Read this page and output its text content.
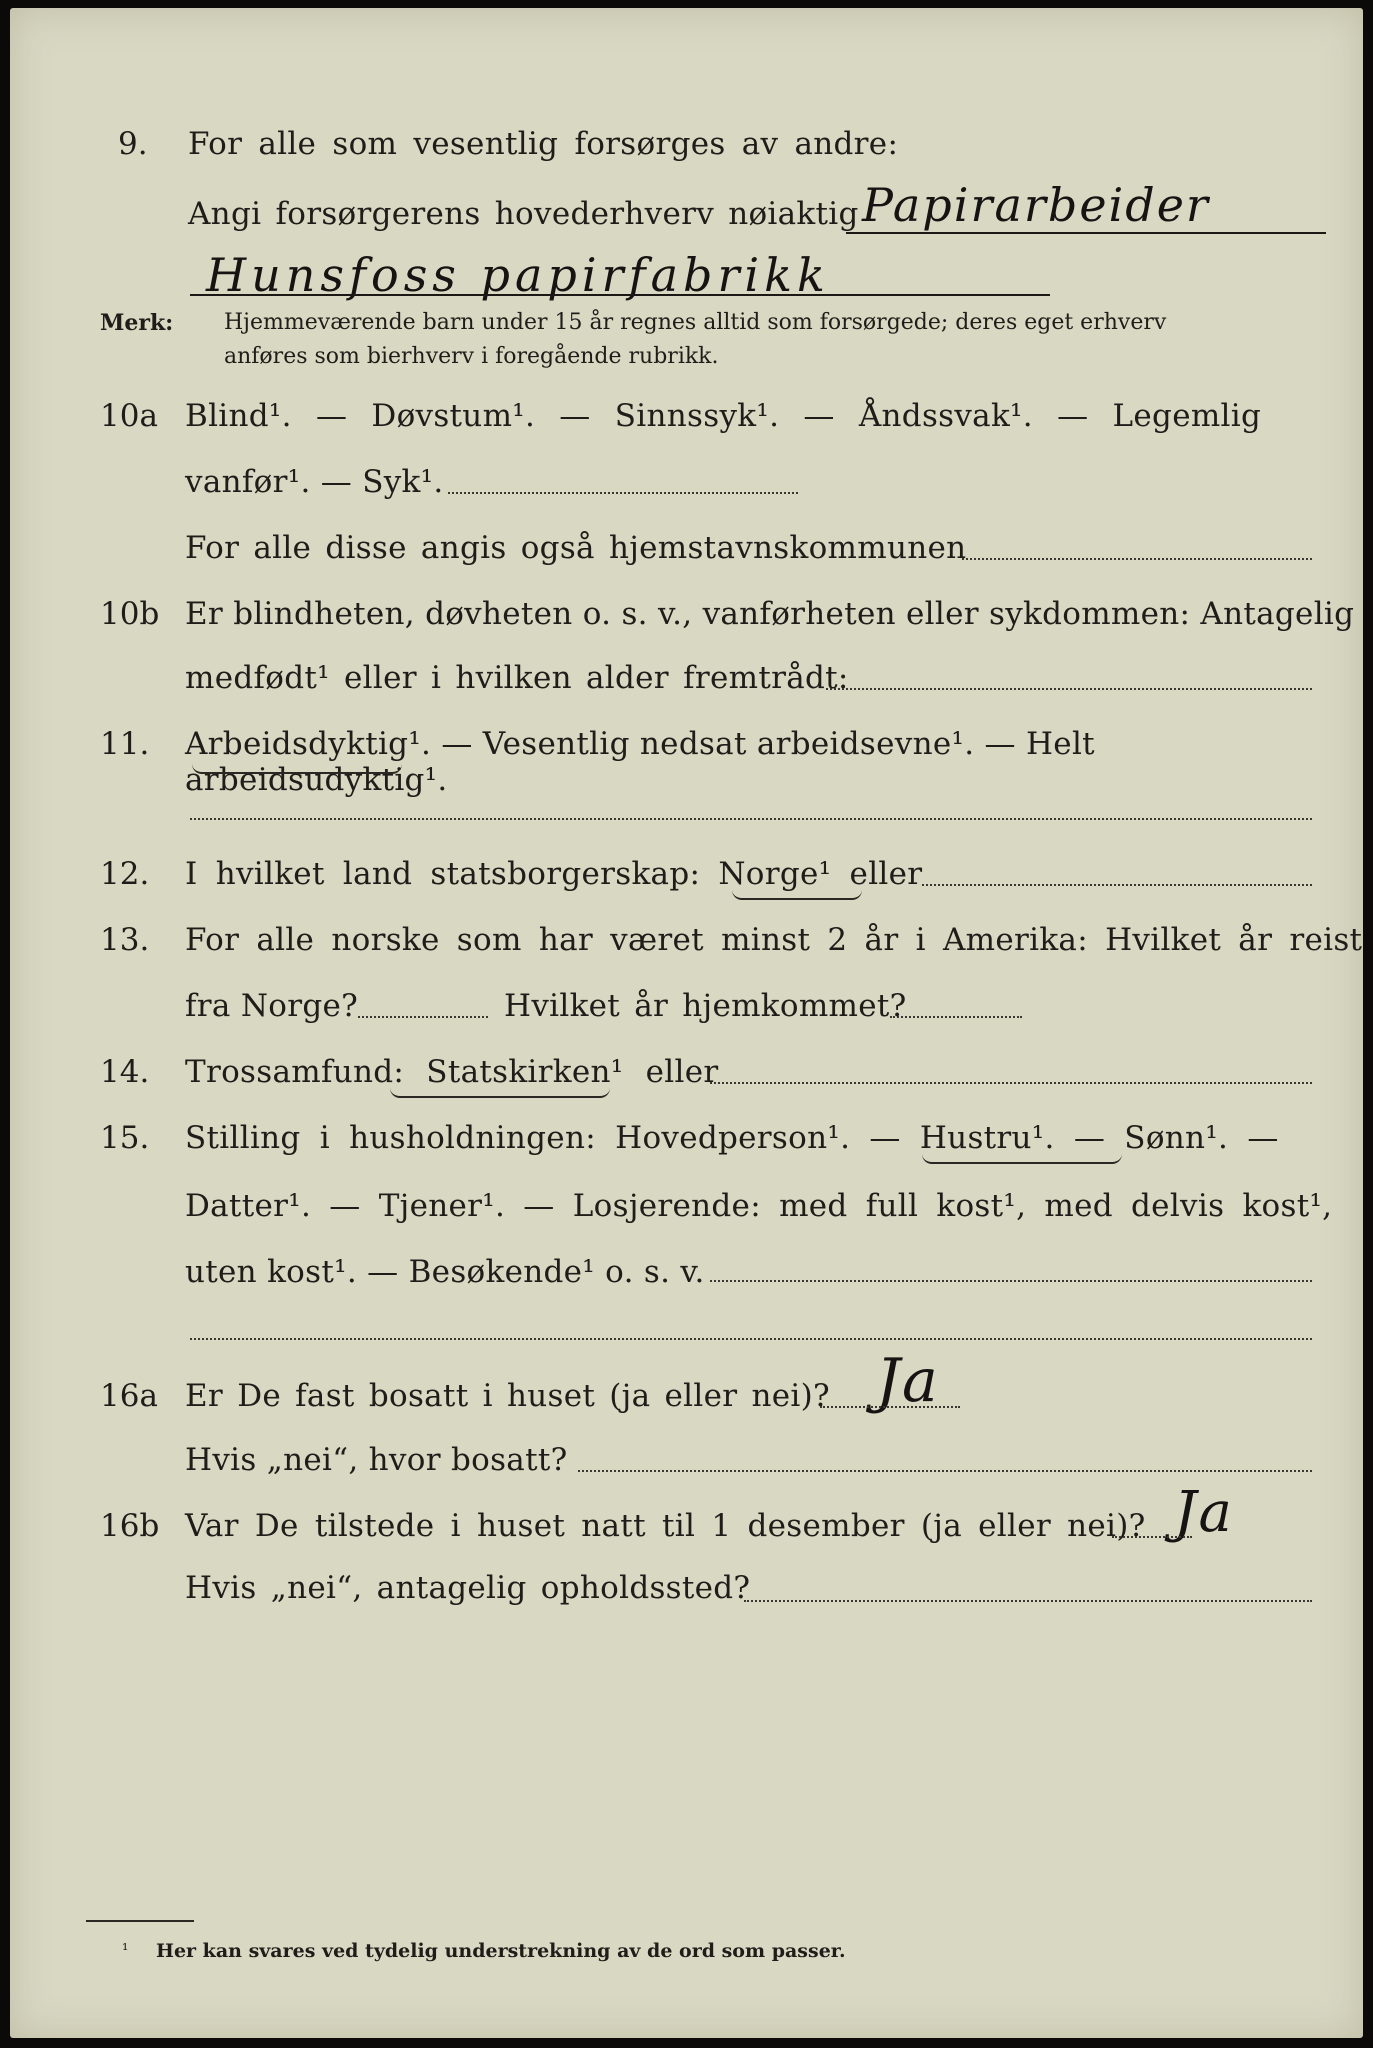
9. For alle som vesentlig forsørges av andre:
Angi forsørgerens hovederhverv nøiaktig Papirarbeider
Hunsfoss papirfabrikk
Merk: Hjemmeværende barn under 15 år regnes alltid som forsørgede; deres eget erhverv
anføres som bierhverv i foregående rubrikk.
10a Blind¹. — Døvstum¹. — Sinnssyk¹. — Åndssvak¹. — Legemlig
vanfør¹. — Syk¹.
For alle disse angis også hjemstavnskommunen
10b Er blindheten, døvheten o. s. v., vanførheten eller sykdommen: Antagelig
medfødt¹ eller i hvilken alder fremtrådt:
11. Arbeidsdyktig¹. — Vesentlig nedsat arbeidsevne¹. — Helt arbeidsudyktig¹.
12. I hvilket land statsborgerskap: Norge¹ eller
13. For alle norske som har været minst 2 år i Amerika: Hvilket år reist
fra Norge?	Hvilket år hjemkommet?
14. Trossamfund: Statskirken¹ eller
15. Stilling i husholdningen: Hovedperson¹. — Hustru¹. — Sønn¹. —
Datter¹. — Tjener¹. — Losjerende: med full kost¹, med delvis kost¹,
uten kost¹. — Besøkende¹ o. s. v.
16a Er De fast bosatt i huset (ja eller nei)? Ja
Hvis „nei“, hvor bosatt?
16b Var De tilstede i huset natt til 1 desember (ja eller nei)? Ja
Hvis „nei“, antagelig opholdssted?
¹ Her kan svares ved tydelig understrekning av de ord som passer.
